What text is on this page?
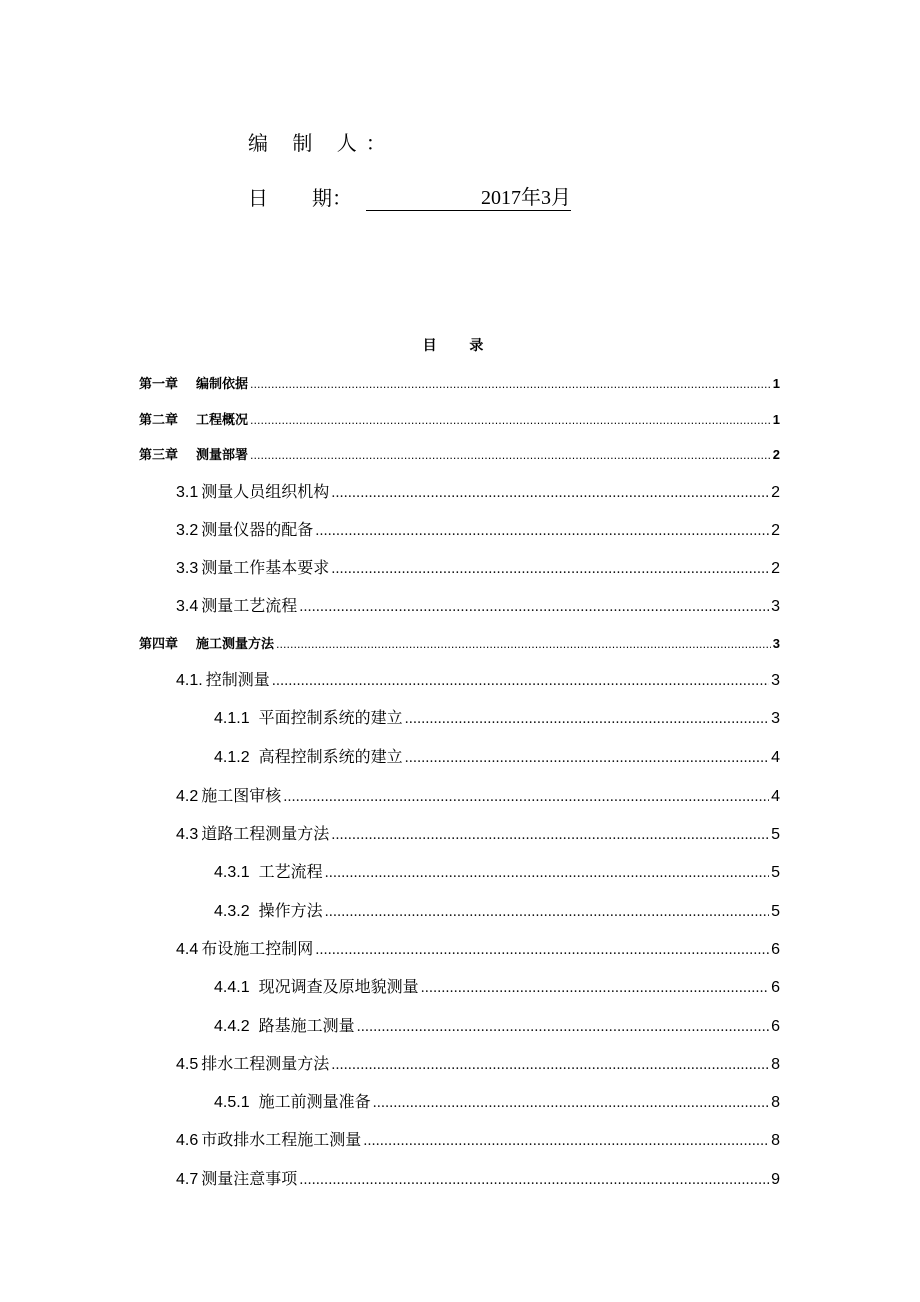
编 制 人：
日 期：	2017年3月
目 录
第一章 编制依据 .....	1
第二章 工程概况 .....	1
第三章 测量部署 .....	2
3.1 测量人员组织机构 .....	2
3.2 测量仪器的配备 .....	2
3.3 测量工作基本要求 .....	2
3.4 测量工艺流程 .....	3
第四章 施工测量方法 .....	3
4.1. 控制测量 .....	3
4.1.1 平面控制系统的建立 .....	3
4.1.2 高程控制系统的建立 .....	4
4.2 施工图审核 .....	4
4.3 道路工程测量方法 .....	5
4.3.1 工艺流程 .....	5
4.3.2 操作方法 .....	5
4.4 布设施工控制网 .....	6
4.4.1 现况调查及原地貌测量 .....	6
4.4.2 路基施工测量 .....	6
4.5 排水工程测量方法 .....	8
4.5.1 施工前测量准备 .....	8
4.6 市政排水工程施工测量 .....	8
4.7 测量注意事项 .....	9
